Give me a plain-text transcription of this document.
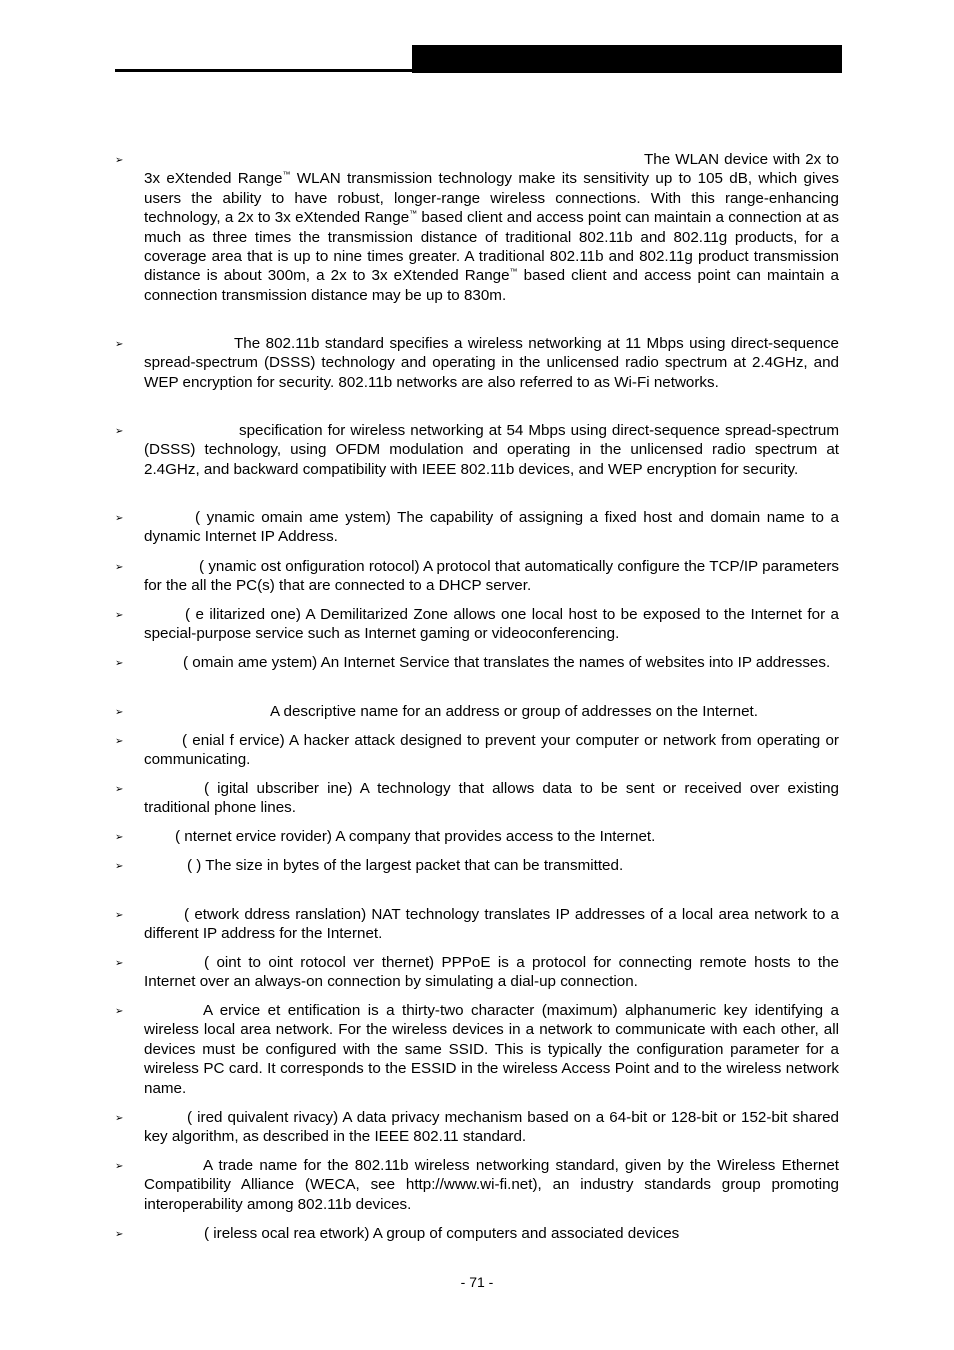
➢	The WLAN device with 2x to 3x eXtended Range™ WLAN transmission technology make its sensitivity up to 105 dB, which gives users the ability to have robust, longer-range wireless connections. With this range-enhancing technology, a 2x to 3x eXtended Range™ based client and access point can maintain a connection at as much as three times the transmission distance of traditional 802.11b and 802.11g products, for a coverage area that is up to nine times greater. A traditional 802.11b and 802.11g product transmission distance is about 300m, a 2x to 3x eXtended Range™ based client and access point can maintain a connection transmission distance may be up to 830m.
➢	The 802.11b standard specifies a wireless networking at 11 Mbps using direct-sequence spread-spectrum (DSSS) technology and operating in the unlicensed radio spectrum at 2.4GHz, and WEP encryption for security. 802.11b networks are also referred to as Wi-Fi networks.
➢	specification for wireless networking at 54 Mbps using direct-sequence spread-spectrum (DSSS) technology, using OFDM modulation and operating in the unlicensed radio spectrum at 2.4GHz, and backward compatibility with IEEE 802.11b devices, and WEP encryption for security.
➢	( ynamic omain ame ystem) The capability of assigning a fixed host and domain name to a dynamic Internet IP Address.
➢	( ynamic ost onfiguration rotocol) A protocol that automatically configure the TCP/IP parameters for the all the PC(s) that are connected to a DHCP server.
➢	( e ilitarized one) A Demilitarized Zone allows one local host to be exposed to the Internet for a special-purpose service such as Internet gaming or videoconferencing.
➢	( omain ame ystem) An Internet Service that translates the names of websites into IP addresses.
➢	A descriptive name for an address or group of addresses on the Internet.
➢	( enial f ervice) A hacker attack designed to prevent your computer or network from operating or communicating.
➢	( igital ubscriber ine) A technology that allows data to be sent or received over existing traditional phone lines.
➢	( nternet ervice rovider) A company that provides access to the Internet.
➢	( ) The size in bytes of the largest packet that can be transmitted.
➢	( etwork ddress ranslation) NAT technology translates IP addresses of a local area network to a different IP address for the Internet.
➢	( oint to oint rotocol ver thernet) PPPoE is a protocol for connecting remote hosts to the Internet over an always-on connection by simulating a dial-up connection.
➢	A ervice et entification is a thirty-two character (maximum) alphanumeric key identifying a wireless local area network. For the wireless devices in a network to communicate with each other, all devices must be configured with the same SSID. This is typically the configuration parameter for a wireless PC card. It corresponds to the ESSID in the wireless Access Point and to the wireless network name.
➢	( ired quivalent rivacy) A data privacy mechanism based on a 64-bit or 128-bit or 152-bit shared key algorithm, as described in the IEEE 802.11 standard.
➢	A trade name for the 802.11b wireless networking standard, given by the Wireless Ethernet Compatibility Alliance (WECA, see http://www.wi-fi.net), an industry standards group promoting interoperability among 802.11b devices.
➢	( ireless ocal rea etwork) A group of computers and associated devices
- 71 -
